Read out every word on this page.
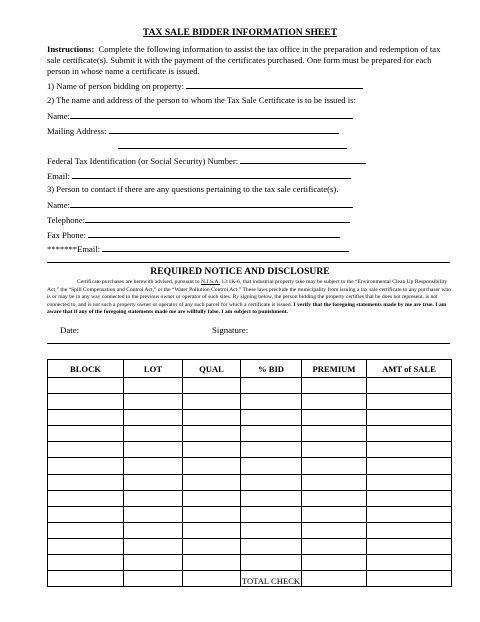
TAX SALE BIDDER INFORMATION SHEET
Instructions: Complete the following information to assist the tax office in the preparation and redemption of tax sale certificate(s). Submit it with the payment of the certificates purchased. One form must be prepared for each person in whose name a certificate is issued.
1) Name of person bidding on property:
2) The name and address of the person to whom the Tax Sale Certificate is to be issued is:
Name:
Mailing Address:
Federal Tax Identification (or Social Security) Number:
Email:
3) Person to contact if there are any questions pertaining to the tax sale certificate(s).
Name:
Telephone:
Fax Phone:
*******Email:
REQUIRED NOTICE AND DISCLOSURE
Certificate purchases are herewith advised, pursuant to N.J.S.A. 13:1K-6, that industrial property take may be subject to the “Environmental Clean Up Responsibility Act,” the “Spill Compensation and Control Act,” or the “Water Pollution Control Act.” These laws preclude the municipality from issuing a tax sale certificate to any purchaser who is or may be in any way connected to the previous owner or operator of such sites. By signing below, the person bidding the property certifies that he does not represent, is not connected to, and is not such a property owner or operator of any such parcel for which a certificate is issued. I verify that the foregoing statements made by me are true. I am aware that if any of the foregoing statements made me are willfully false, I am subject to punishment.
Date:	Signature:
BLOCK	LOT	QUAL	% BID	PREMIUM	AMT of SALE

			TOTAL CHECK		
